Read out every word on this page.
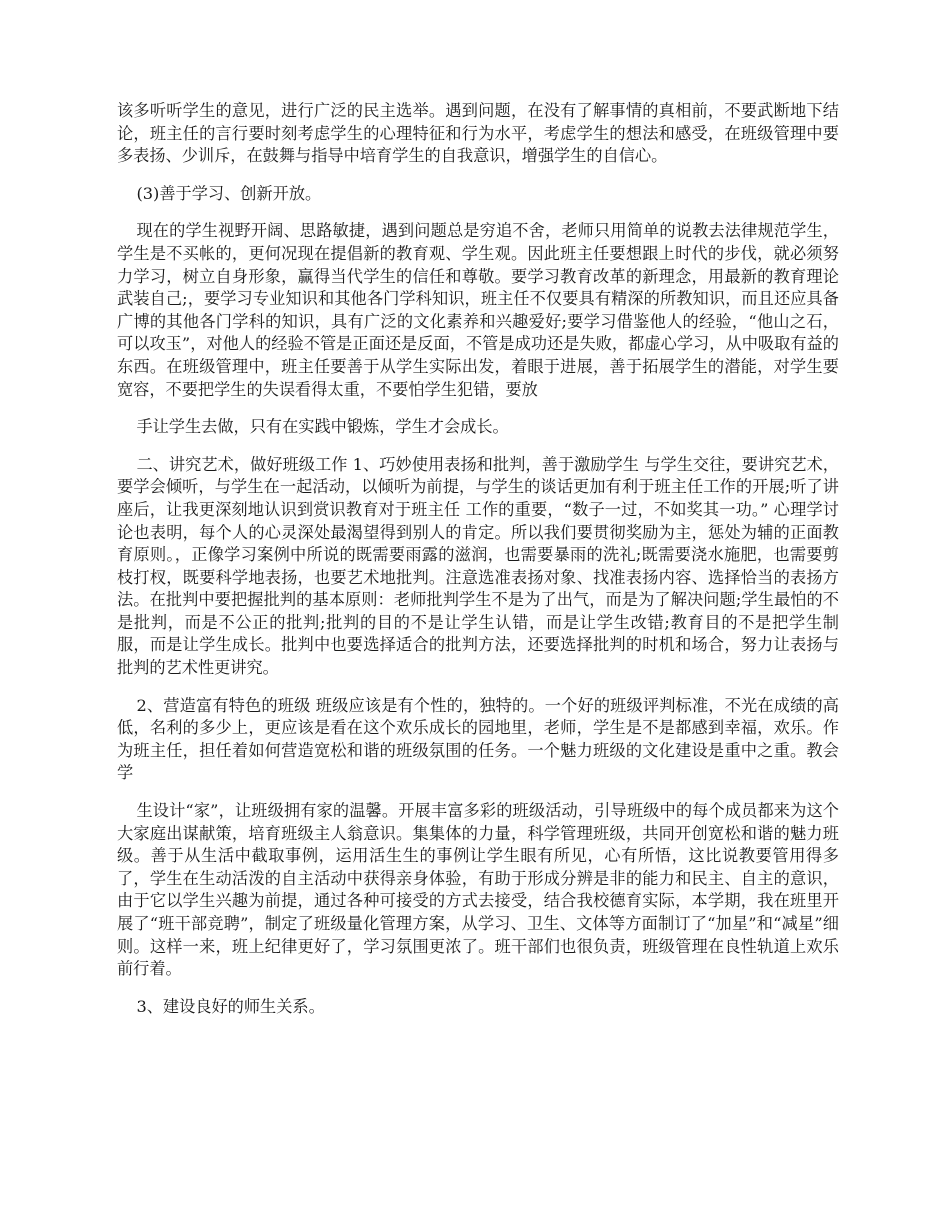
该多听听学生的意见，进行广泛的民主选举。遇到问题，在没有了解事情的真相前，不要武断地下结论，班主任的言行要时刻考虑学生的心理特征和行为水平，考虑学生的想法和感受，在班级管理中要多表扬、少训斥，在鼓舞与指导中培育学生的自我意识，增强学生的自信心。

(3)善于学习、创新开放。

现在的学生视野开阔、思路敏捷，遇到问题总是穷追不舍，老师只用简单的说教去法律规范学生，学生是不买帐的，更何况现在提倡新的教育观、学生观。因此班主任要想跟上时代的步伐，就必须努力学习，树立自身形象，赢得当代学生的信任和尊敬。要学习教育改革的新理念，用最新的教育理论武装自己;，要学习专业知识和其他各门学科知识，班主任不仅要具有精深的所教知识，而且还应具备广博的其他各门学科的知识，具有广泛的文化素养和兴趣爱好;要学习借鉴他人的经验，“他山之石，可以攻玉”，对他人的经验不管是正面还是反面，不管是成功还是失败，都虚心学习，从中吸取有益的东西。在班级管理中，班主任要善于从学生实际出发，着眼于进展，善于拓展学生的潜能，对学生要宽容，不要把学生的失误看得太重，不要怕学生犯错，要放

手让学生去做，只有在实践中锻炼，学生才会成长。

二、讲究艺术，做好班级工作 1、巧妙使用表扬和批判，善于激励学生 与学生交往，要讲究艺术，要学会倾听，与学生在一起活动，以倾听为前提，与学生的谈话更加有利于班主任工作的开展;听了讲座后，让我更深刻地认识到赏识教育对于班主任 工作的重要，“数子一过，不如奖其一功。” 心理学讨论也表明，每个人的心灵深处最渴望得到别人的肯定。所以我们要贯彻奖励为主，惩处为辅的正面教育原则。，正像学习案例中所说的既需要雨露的滋润，也需要暴雨的洗礼;既需要浇水施肥，也需要剪枝打杈，既要科学地表扬，也要艺术地批判。注意选准表扬对象、找准表扬内容、选择恰当的表扬方法。在批判中要把握批判的基本原则：老师批判学生不是为了出气，而是为了解决问题;学生最怕的不是批判，而是不公正的批判;批判的目的不是让学生认错，而是让学生改错;教育目的不是把学生制服，而是让学生成长。批判中也要选择适合的批判方法，还要选择批判的时机和场合，努力让表扬与批判的艺术性更讲究。

2、营造富有特色的班级 班级应该是有个性的，独特的。一个好的班级评判标准，不光在成绩的高低，名利的多少上，更应该是看在这个欢乐成长的园地里，老师，学生是不是都感到幸福，欢乐。作为班主任，担任着如何营造宽松和谐的班级氛围的任务。一个魅力班级的文化建设是重中之重。教会学

生设计“家”，让班级拥有家的温馨。开展丰富多彩的班级活动，引导班级中的每个成员都来为这个大家庭出谋献策，培育班级主人翁意识。集集体的力量，科学管理班级，共同开创宽松和谐的魅力班级。善于从生活中截取事例，运用活生生的事例让学生眼有所见，心有所悟，这比说教要管用得多了，学生在生动活泼的自主活动中获得亲身体验，有助于形成分辨是非的能力和民主、自主的意识，由于它以学生兴趣为前提，通过各种可接受的方式去接受，结合我校德育实际，本学期，我在班里开展了“班干部竞聘”，制定了班级量化管理方案，从学习、卫生、文体等方面制订了“加星”和“减星”细则。这样一来，班上纪律更好了，学习氛围更浓了。班干部们也很负责，班级管理在良性轨道上欢乐前行着。

3、建设良好的师生关系。
